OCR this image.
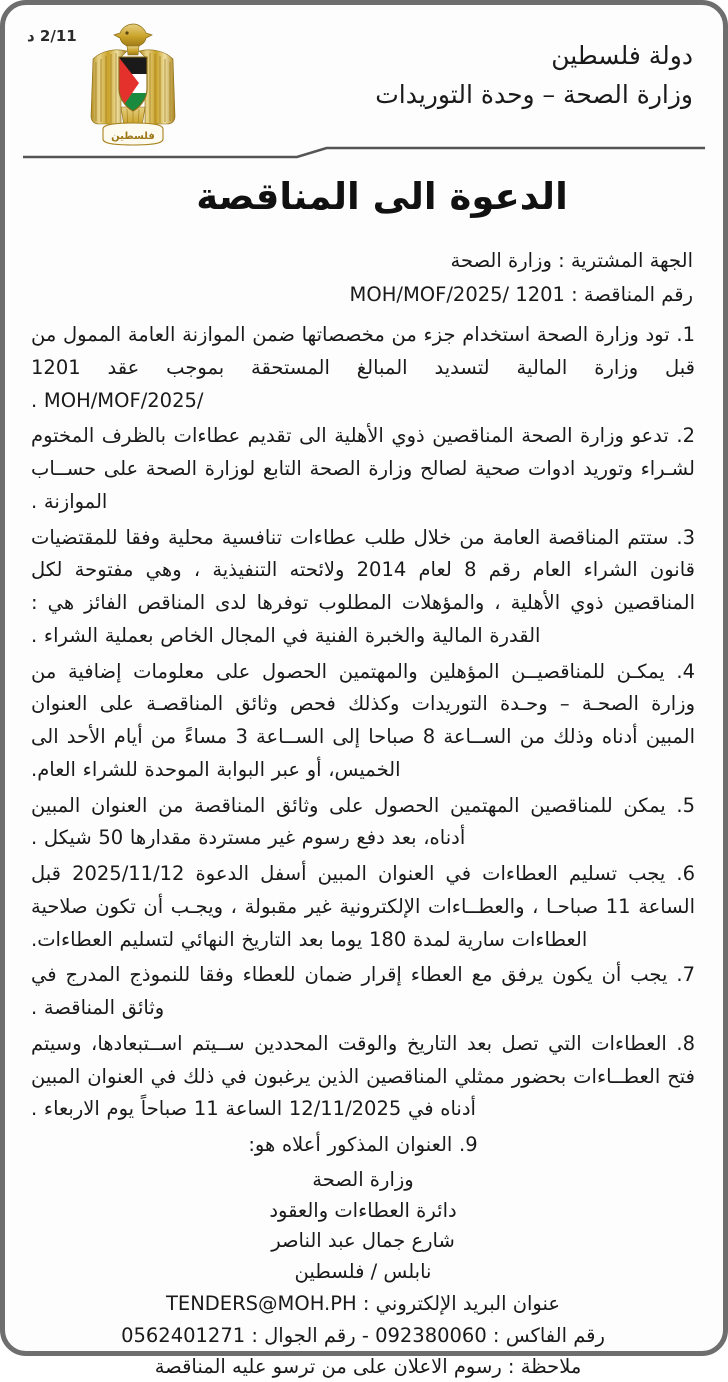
دولة فلسطين
وزارة الصحة – وحدة التوريدات
فلسطين
2/11 د
الدعوة الى المناقصة
الجهة المشترية : وزارة الصحة
رقم المناقصة : 1201 /MOH/MOF/2025

1. تود وزارة الصحة استخدام جزء من مخصصاتها ضمن الموازنة العامة الممول من قبل وزارة المالية لتسديد المبالغ المستحقة بموجب عقد 1201 /MOH/MOF/2025 .

2. تدعو وزارة الصحة المناقصين ذوي الأهلية الى تقديم عطاءات بالظرف المختوم لشـراء وتوريد ادوات صحية لصالح وزارة الصحة التابع لوزارة الصحة على حســاب الموازنة .

3. ستتم المناقصة العامة من خلال طلب عطاءات تنافسية محلية وفقا للمقتضيات قانون الشراء العام رقم 8 لعام 2014 ولائحته التنفيذية ، وهي مفتوحة لكل المناقصين ذوي الأهلية ، والمؤهلات المطلوب توفرها لدى المناقص الفائز هي : القدرة المالية والخبرة الفنية في المجال الخاص بعملية الشراء .

4. يمكـن للمناقصيــن المؤهلين والمهتمين الحصول على معلومات إضافية من وزارة الصحـة – وحـدة التوريدات وكذلك فحص وثائق المناقصـة على العنوان المبين أدناه وذلك من الســاعة 8 صباحا إلى الســاعة 3 مساءً من أيام الأحد الى الخميس، أو عبر البوابة الموحدة للشراء العام.

5. يمكن للمناقصين المهتمين الحصول على وثائق المناقصة من العنوان المبين أدناه، بعد دفع رسوم غير مستردة مقدارها 50 شيكل .

6. يجب تسليم العطاءات في العنوان المبين أسفل الدعوة 2025/11/12 قبل الساعة 11 صباحـا ، والعطــاءات الإلكترونية غير مقبولة ، ويجـب أن تكون صلاحية العطاءات سارية لمدة 180 يوما بعد التاريخ النهائي لتسليم العطاءات.

7. يجب أن يكون يرفق مع العطاء إقرار ضمان للعطاء وفقا للنموذج المدرج في وثائق المناقصة .

8. العطاءات التي تصل بعد التاريخ والوقت المحددين ســيتم اســتبعادها، وسيتم فتح العطــاءات بحضور ممثلي المناقصين الذين يرغبون في ذلك في العنوان المبين أدناه في 12/11/2025 الساعة 11 صباحاً يوم الاربعاء .

9. العنوان المذكور أعلاه هو:

وزارة الصحة
دائرة العطاءات والعقود
شارع جمال عبد الناصر
نابلس / فلسطين
عنوان البريد الإلكتروني : TENDERS@MOH.PH
رقم الفاكس : 092380060 - رقم الجوال : 0562401271
ملاحظة : رسوم الاعلان على من ترسو عليه المناقصة
